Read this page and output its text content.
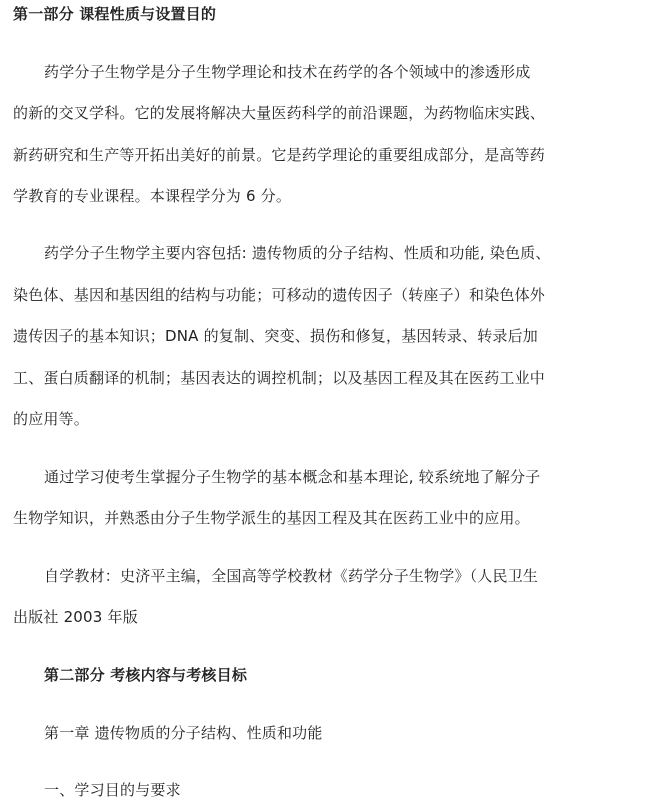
第一部分 课程性质与设置目的
药学分子生物学是分子生物学理论和技术在药学的各个领域中的渗透形成
的新的交叉学科。它的发展将解决大量医药科学的前沿课题，为药物临床实践、
新药研究和生产等开拓出美好的前景。它是药学理论的重要组成部分，是高等药
学教育的专业课程。本课程学分为 6 分。
药学分子生物学主要内容包括: 遗传物质的分子结构、性质和功能, 染色质、
染色体、基因和基因组的结构与功能；可移动的遗传因子（转座子）和染色体外
遗传因子的基本知识；DNA 的复制、突变、损伤和修复，基因转录、转录后加
工、蛋白质翻译的机制；基因表达的调控机制；以及基因工程及其在医药工业中
的应用等。
通过学习使考生掌握分子生物学的基本概念和基本理论, 较系统地了解分子
生物学知识，并熟悉由分子生物学派生的基因工程及其在医药工业中的应用。
自学教材：史济平主编，全国高等学校教材《药学分子生物学》（人民卫生
出版社 2003 年版
第二部分 考核内容与考核目标
第一章 遗传物质的分子结构、性质和功能
一、学习目的与要求
